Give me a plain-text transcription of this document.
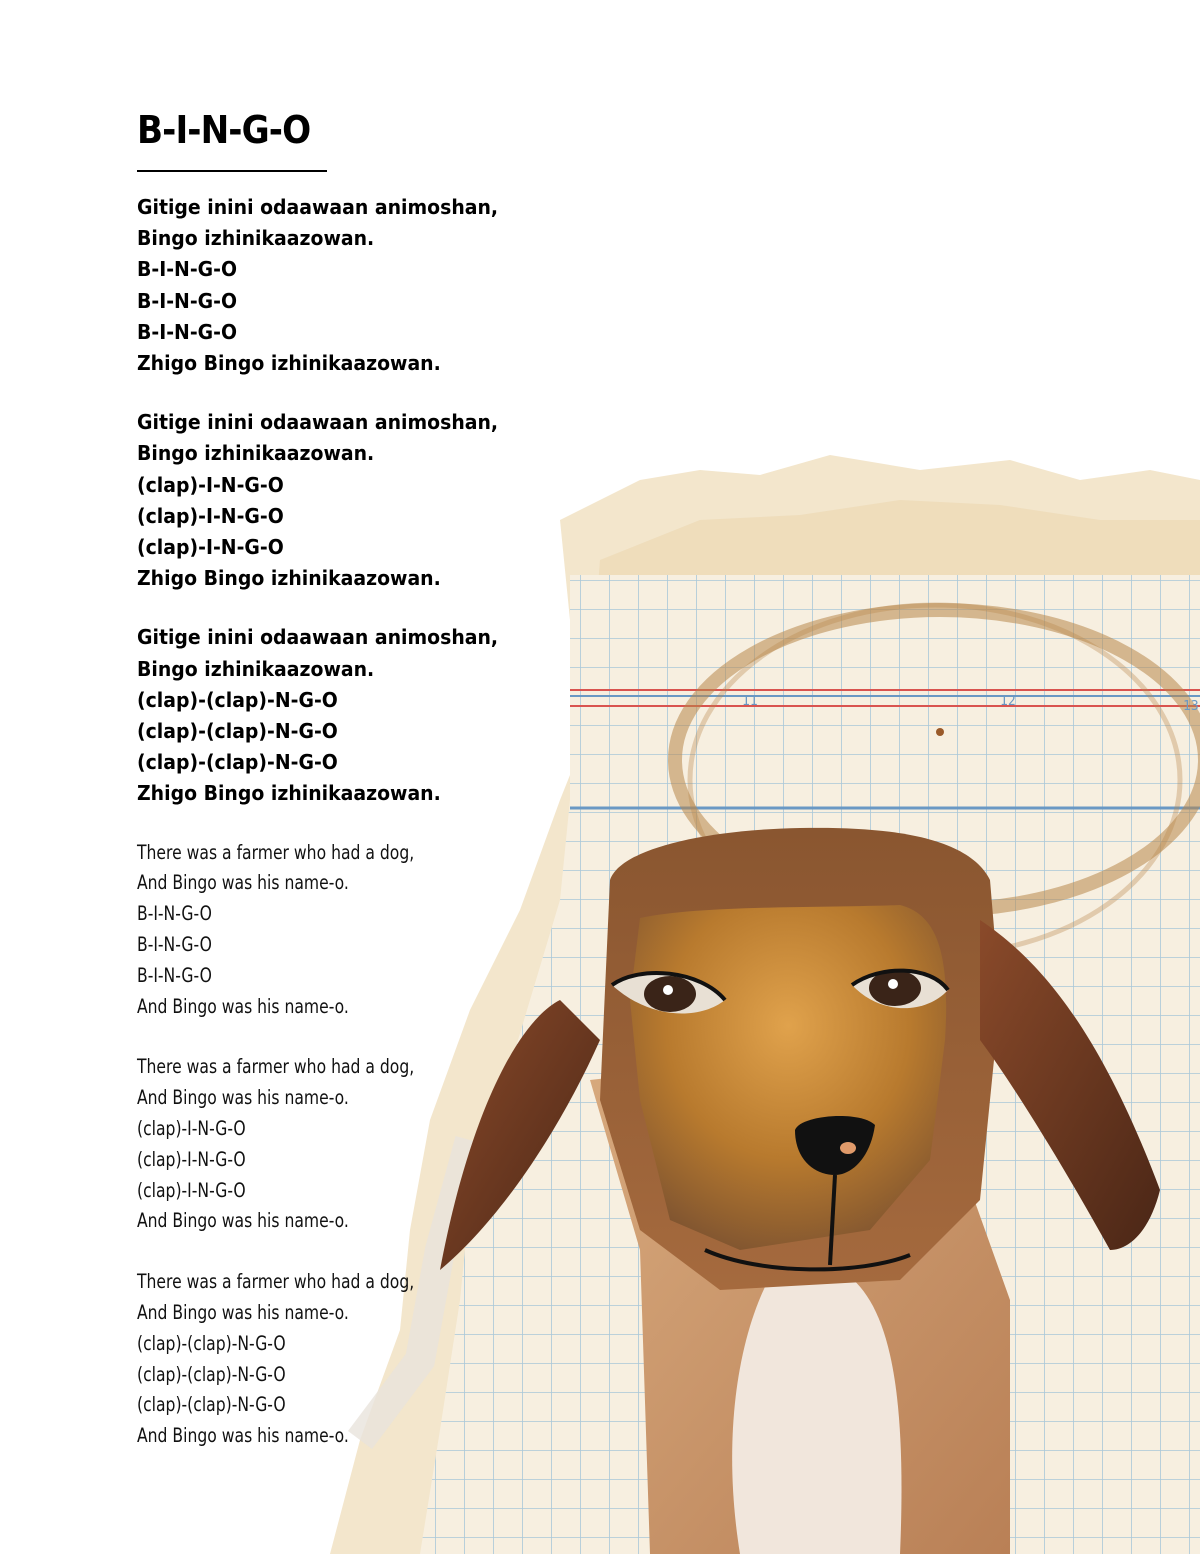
11	12	13
B-I-N-G-O
Gitige inini odaawaan animoshan,
Bingo izhinikaazowan.
B-I-N-G-O
B-I-N-G-O
B-I-N-G-O
Zhigo Bingo izhinikaazowan.
Gitige inini odaawaan animoshan,
Bingo izhinikaazowan.
(clap)-I-N-G-O
(clap)-I-N-G-O
(clap)-I-N-G-O
Zhigo Bingo izhinikaazowan.
Gitige inini odaawaan animoshan,
Bingo izhinikaazowan.
(clap)-(clap)-N-G-O
(clap)-(clap)-N-G-O
(clap)-(clap)-N-G-O
Zhigo Bingo izhinikaazowan.
There was a farmer who had a dog,
And Bingo was his name-o.
B-I-N-G-O
B-I-N-G-O
B-I-N-G-O
And Bingo was his name-o.
There was a farmer who had a dog,
And Bingo was his name-o.
(clap)-I-N-G-O
(clap)-I-N-G-O
(clap)-I-N-G-O
And Bingo was his name-o.
There was a farmer who had a dog,
And Bingo was his name-o.
(clap)-(clap)-N-G-O
(clap)-(clap)-N-G-O
(clap)-(clap)-N-G-O
And Bingo was his name-o.
